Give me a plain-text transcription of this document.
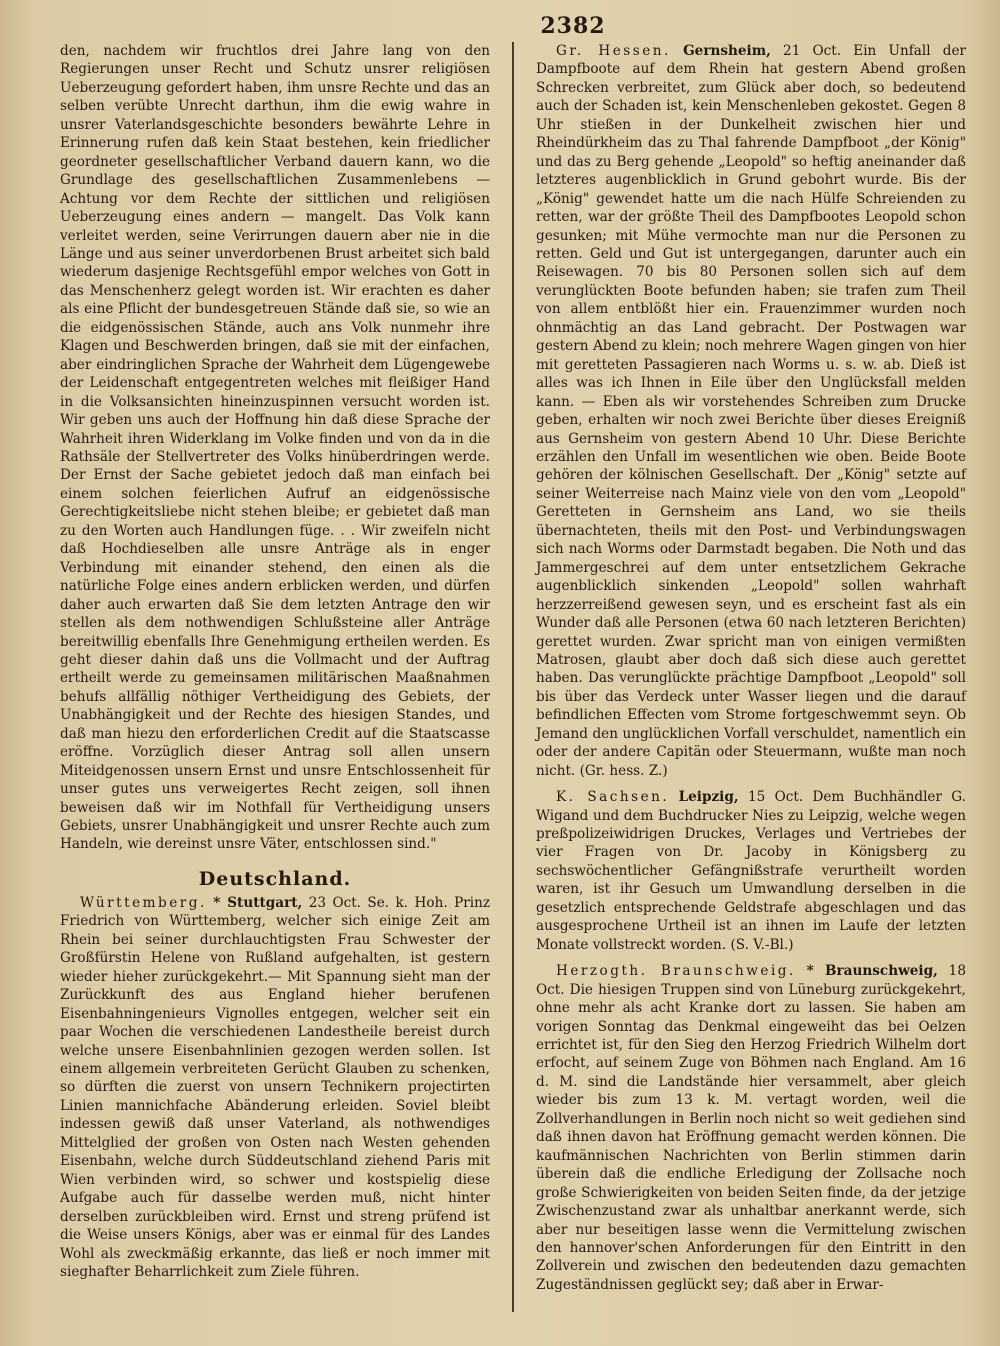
2382

den, nachdem wir fruchtlos drei Jahre lang von den Regierungen unser Recht und Schutz unsrer religiösen Ueberzeugung gefordert haben, ihm unsre Rechte und das an selben verübte Unrecht darthun, ihm die ewig wahre in unsrer Vaterlandsgeschichte besonders bewährte Lehre in Erinnerung rufen daß kein Staat bestehen, kein friedlicher geordneter gesellschaftlicher Verband dauern kann, wo die Grundlage des gesellschaftlichen Zusammenlebens — Achtung vor dem Rechte der sittlichen und religiösen Ueberzeugung eines andern — mangelt. Das Volk kann verleitet werden, seine Verirrungen dauern aber nie in die Länge und aus seiner unverdorbenen Brust arbeitet sich bald wiederum dasjenige Rechtsgefühl empor welches von Gott in das Menschenherz gelegt worden ist. Wir erachten es daher als eine Pflicht der bundesgetreuen Stände daß sie, so wie an die eidgenössischen Stände, auch ans Volk nunmehr ihre Klagen und Beschwerden bringen, daß sie mit der einfachen, aber eindringlichen Sprache der Wahrheit dem Lügengewebe der Leidenschaft entgegentreten welches mit fleißiger Hand in die Volksansichten hineinzuspinnen versucht worden ist. Wir geben uns auch der Hoffnung hin daß diese Sprache der Wahrheit ihren Widerklang im Volke finden und von da in die Rathsäle der Stellvertreter des Volks hinüberdringen werde. Der Ernst der Sache gebietet jedoch daß man einfach bei einem solchen feierlichen Aufruf an eidgenössische Gerechtigkeitsliebe nicht stehen bleibe; er gebietet daß man zu den Worten auch Handlungen füge. . . Wir zweifeln nicht daß Hochdieselben alle unsre Anträge als in enger Verbindung mit einander stehend, den einen als die natürliche Folge eines andern erblicken werden, und dürfen daher auch erwarten daß Sie dem letzten Antrage den wir stellen als dem nothwendigen Schlußsteine aller Anträge bereitwillig ebenfalls Ihre Genehmigung ertheilen werden. Es geht dieser dahin daß uns die Vollmacht und der Auftrag ertheilt werde zu gemeinsamen militärischen Maaßnahmen behufs allfällig nöthiger Vertheidigung des Gebiets, der Unabhängigkeit und der Rechte des hiesigen Standes, und daß man hiezu den erforderlichen Credit auf die Staatscasse eröffne. Vorzüglich dieser Antrag soll allen unsern Miteidgenossen unsern Ernst und unsre Entschlossenheit für unser gutes uns verweigertes Recht zeigen, soll ihnen beweisen daß wir im Nothfall für Vertheidigung unsers Gebiets, unsrer Unabhängigkeit und unsrer Rechte auch zum Handeln, wie dereinst unsre Väter, entschlossen sind."

Deutschland.

Württemberg. * Stuttgart, 23 Oct. Se. k. Hoh. Prinz Friedrich von Württemberg, welcher sich einige Zeit am Rhein bei seiner durchlauchtigsten Frau Schwester der Großfürstin Helene von Rußland aufgehalten, ist gestern wieder hieher zurückgekehrt.— Mit Spannung sieht man der Zurückkunft des aus England hieher berufenen Eisenbahningenieurs Vignolles entgegen, welcher seit ein paar Wochen die verschiedenen Landestheile bereist durch welche unsere Eisenbahnlinien gezogen werden sollen. Ist einem allgemein verbreiteten Gerücht Glauben zu schenken, so dürften die zuerst von unsern Technikern projectirten Linien mannichfache Abänderung erleiden. Soviel bleibt indessen gewiß daß unser Vaterland, als nothwendiges Mittelglied der großen von Osten nach Westen gehenden Eisenbahn, welche durch Süddeutschland ziehend Paris mit Wien verbinden wird, so schwer und kostspielig diese Aufgabe auch für dasselbe werden muß, nicht hinter derselben zurückbleiben wird. Ernst und streng prüfend ist die Weise unsers Königs, aber was er einmal für des Landes Wohl als zweckmäßig erkannte, das ließ er noch immer mit sieghafter Beharrlichkeit zum Ziele führen.

Gr. Hessen. Gernsheim, 21 Oct. Ein Unfall der Dampfboote auf dem Rhein hat gestern Abend großen Schrecken verbreitet, zum Glück aber doch, so bedeutend auch der Schaden ist, kein Menschenleben gekostet. Gegen 8 Uhr stießen in der Dunkelheit zwischen hier und Rheindürkheim das zu Thal fahrende Dampfboot „der König" und das zu Berg gehende „Leopold" so heftig aneinander daß letzteres augenblicklich in Grund gebohrt wurde. Bis der „König" gewendet hatte um die nach Hülfe Schreienden zu retten, war der größte Theil des Dampfbootes Leopold schon gesunken; mit Mühe vermochte man nur die Personen zu retten. Geld und Gut ist untergegangen, darunter auch ein Reisewagen. 70 bis 80 Personen sollen sich auf dem verunglückten Boote befunden haben; sie trafen zum Theil von allem entblößt hier ein. Frauenzimmer wurden noch ohnmächtig an das Land gebracht. Der Postwagen war gestern Abend zu klein; noch mehrere Wagen gingen von hier mit geretteten Passagieren nach Worms u. s. w. ab. Dieß ist alles was ich Ihnen in Eile über den Unglücksfall melden kann. — Eben als wir vorstehendes Schreiben zum Drucke geben, erhalten wir noch zwei Berichte über dieses Ereigniß aus Gernsheim von gestern Abend 10 Uhr. Diese Berichte erzählen den Unfall im wesentlichen wie oben. Beide Boote gehören der kölnischen Gesellschaft. Der „König" setzte auf seiner Weiterreise nach Mainz viele von den vom „Leopold" Geretteten in Gernsheim ans Land, wo sie theils übernachteten, theils mit den Post- und Verbindungswagen sich nach Worms oder Darmstadt begaben. Die Noth und das Jammergeschrei auf dem unter entsetzlichem Gekrache augenblicklich sinkenden „Leopold" sollen wahrhaft herzzerreißend gewesen seyn, und es erscheint fast als ein Wunder daß alle Personen (etwa 60 nach letzteren Berichten) gerettet wurden. Zwar spricht man von einigen vermißten Matrosen, glaubt aber doch daß sich diese auch gerettet haben. Das verunglückte prächtige Dampfboot „Leopold" soll bis über das Verdeck unter Wasser liegen und die darauf befindlichen Effecten vom Strome fortgeschwemmt seyn. Ob Jemand den unglücklichen Vorfall verschuldet, namentlich ein oder der andere Capitän oder Steuermann, wußte man noch nicht. (Gr. hess. Z.)

K. Sachsen. Leipzig, 15 Oct. Dem Buchhändler G. Wigand und dem Buchdrucker Nies zu Leipzig, welche wegen preßpolizeiwidrigen Druckes, Verlages und Vertriebes der vier Fragen von Dr. Jacoby in Königsberg zu sechswöchentlicher Gefängnißstrafe verurtheilt worden waren, ist ihr Gesuch um Umwandlung derselben in die gesetzlich entsprechende Geldstrafe abgeschlagen und das ausgesprochene Urtheil ist an ihnen im Laufe der letzten Monate vollstreckt worden. (S. V.-Bl.)

Herzogth. Braunschweig. * Braunschweig, 18 Oct. Die hiesigen Truppen sind von Lüneburg zurückgekehrt, ohne mehr als acht Kranke dort zu lassen. Sie haben am vorigen Sonntag das Denkmal eingeweiht das bei Oelzen errichtet ist, für den Sieg den Herzog Friedrich Wilhelm dort erfocht, auf seinem Zuge von Böhmen nach England. Am 16 d. M. sind die Landstände hier versammelt, aber gleich wieder bis zum 13 k. M. vertagt worden, weil die Zollverhandlungen in Berlin noch nicht so weit gediehen sind daß ihnen davon hat Eröffnung gemacht werden können. Die kaufmännischen Nachrichten von Berlin stimmen darin überein daß die endliche Erledigung der Zollsache noch große Schwierigkeiten von beiden Seiten finde, da der jetzige Zwischenzustand zwar als unhaltbar anerkannt werde, sich aber nur beseitigen lasse wenn die Vermittelung zwischen den hannover'schen Anforderungen für den Eintritt in den Zollverein und zwischen den bedeutenden dazu gemachten Zugeständnissen geglückt sey; daß aber in Erwar-
